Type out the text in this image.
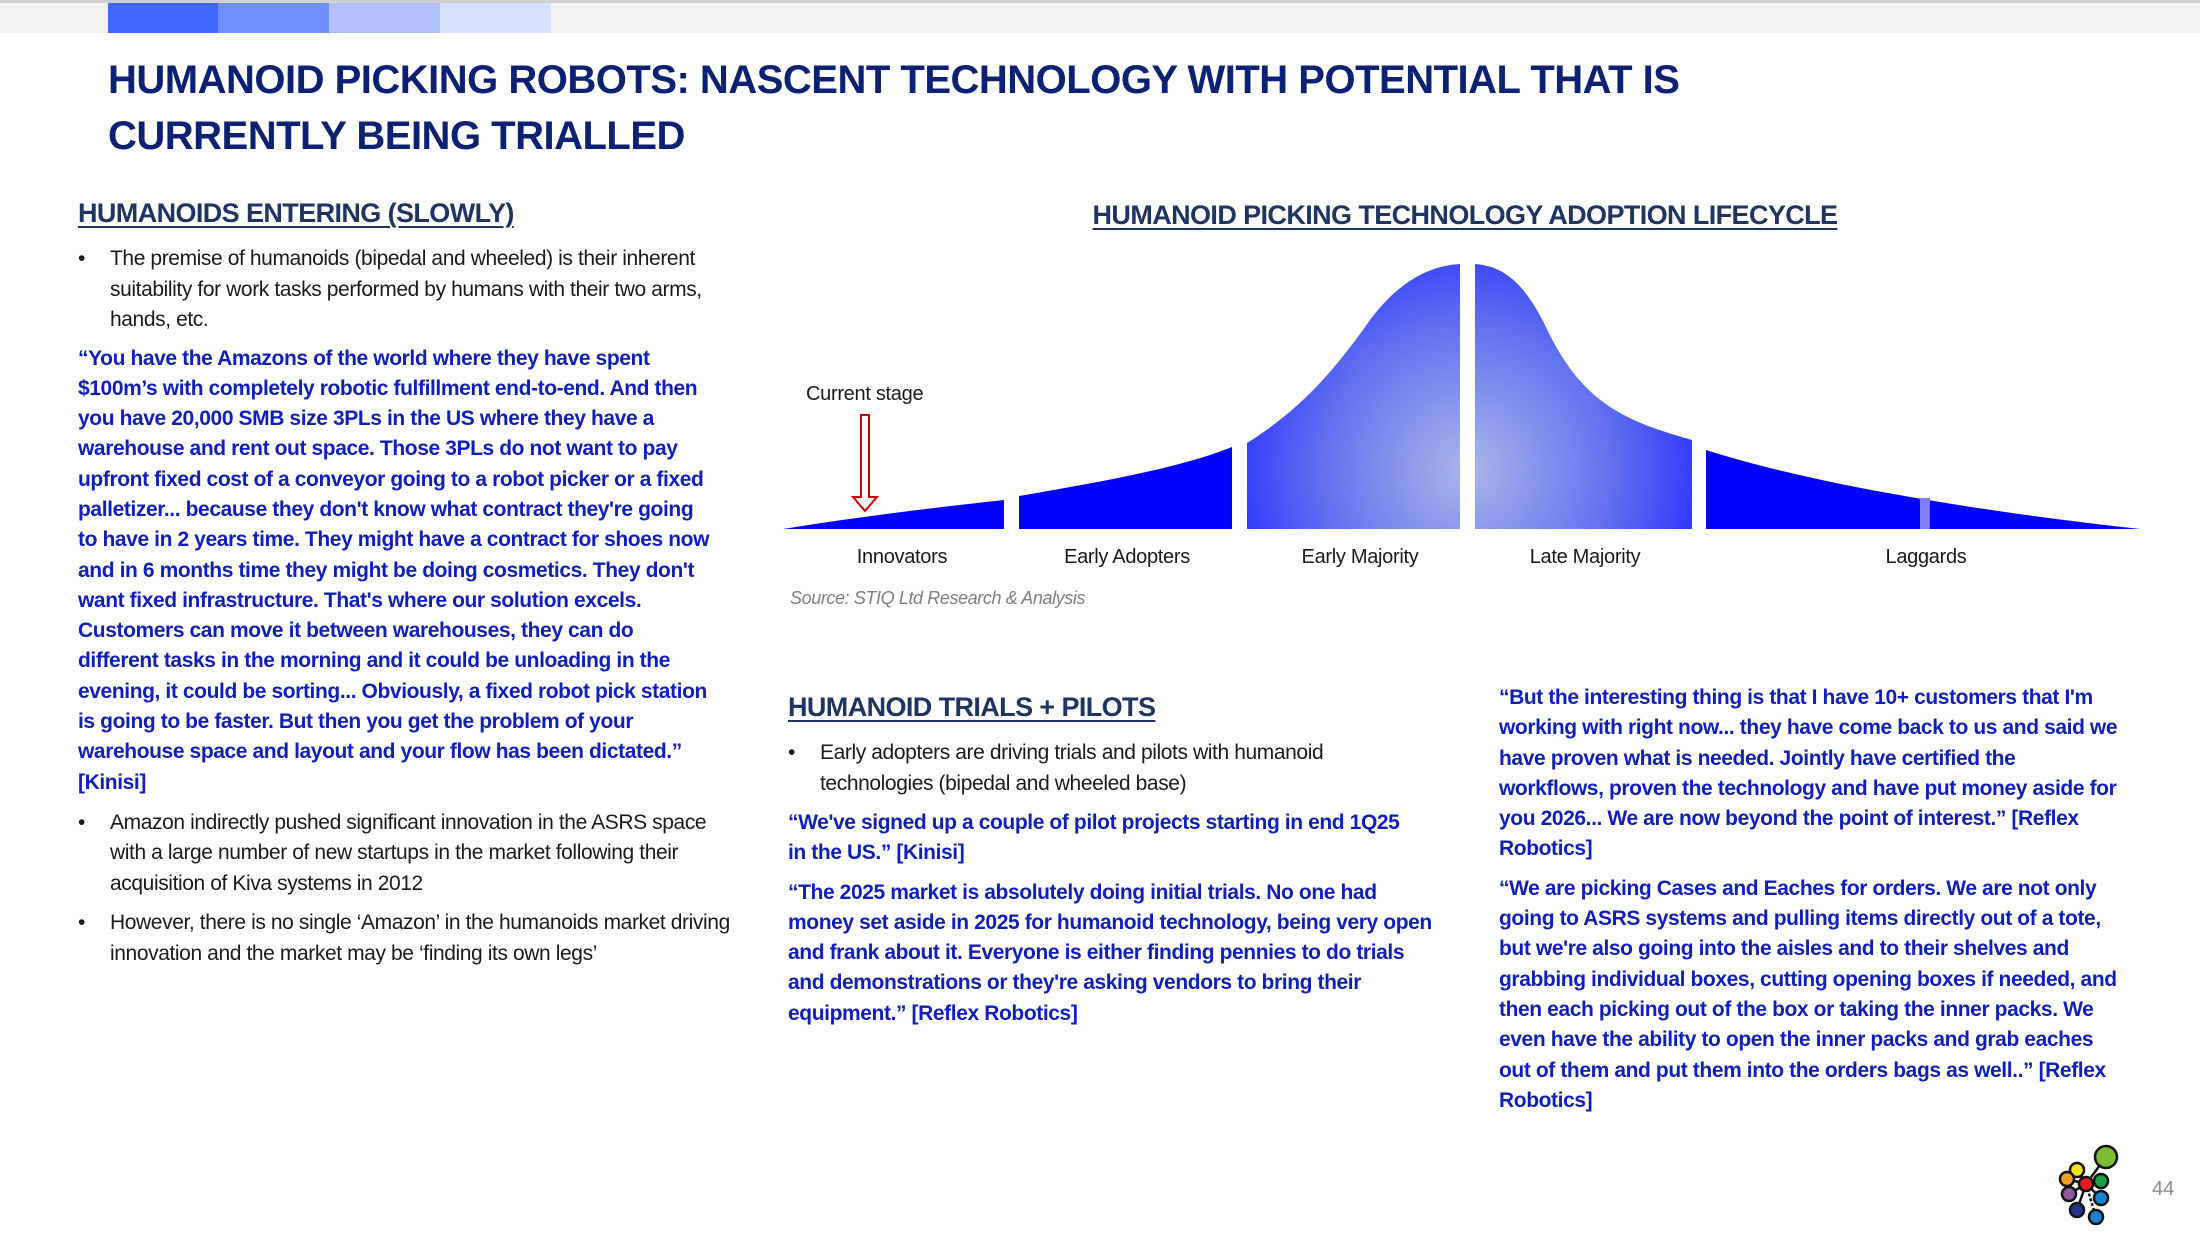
HUMANOID PICKING ROBOTS: NASCENT TECHNOLOGY WITH POTENTIAL THAT IS
CURRENTLY BEING TRIALLED
HUMANOIDS ENTERING (SLOWLY)
•	The premise of humanoids (bipedal and wheeled) is their inherent suitability for work tasks performed by humans with their two arms, hands, etc.

“You have the Amazons of the world where they have spent $100m’s with completely robotic fulfillment end-to-end. And then you have 20,000 SMB size 3PLs in the US where they have a warehouse and rent out space. Those 3PLs do not want to pay upfront fixed cost of a conveyor going to a robot picker or a fixed palletizer... because they don't know what contract they're going to have in 2 years time. They might have a contract for shoes now and in 6 months time they might be doing cosmetics. They don't want fixed infrastructure. That's where our solution excels. Customers can move it between warehouses, they can do different tasks in the morning and it could be unloading in the evening, it could be sorting... Obviously, a fixed robot pick station is going to be faster. But then you get the problem of your warehouse space and layout and your flow has been dictated.” [Kinisi]

•	Amazon indirectly pushed significant innovation in the ASRS space with a large number of new startups in the market following their acquisition of Kiva systems in 2012
•	However, there is no single ‘Amazon’ in the humanoids market driving innovation and the market may be ‘finding its own legs’
HUMANOID PICKING TECHNOLOGY ADOPTION LIFECYCLE
Current stage
Innovators	Early Adopters	Early Majority	Late Majority	Laggards
Source: STIQ Ltd Research & Analysis
HUMANOID TRIALS + PILOTS
•	Early adopters are driving trials and pilots with humanoid technologies (bipedal and wheeled base)

“We've signed up a couple of pilot projects starting in end 1Q25 in the US.” [Kinisi]

“The 2025 market is absolutely doing initial trials. No one had money set aside in 2025 for humanoid technology, being very open and frank about it. Everyone is either finding pennies to do trials and demonstrations or they're asking vendors to bring their equipment.” [Reflex Robotics]

“But the interesting thing is that I have 10+ customers that I'm working with right now... they have come back to us and said we have proven what is needed. Jointly have certified the workflows, proven the technology and have put money aside for you 2026... We are now beyond the point of interest.” [Reflex Robotics]

“We are picking Cases and Eaches for orders. We are not only going to ASRS systems and pulling items directly out of a tote, but we're also going into the aisles and to their shelves and grabbing individual boxes, cutting opening boxes if needed, and then each picking out of the box or taking the inner packs. We even have the ability to open the inner packs and grab eaches out of them and put them into the orders bags as well..” [Reflex Robotics]

44
